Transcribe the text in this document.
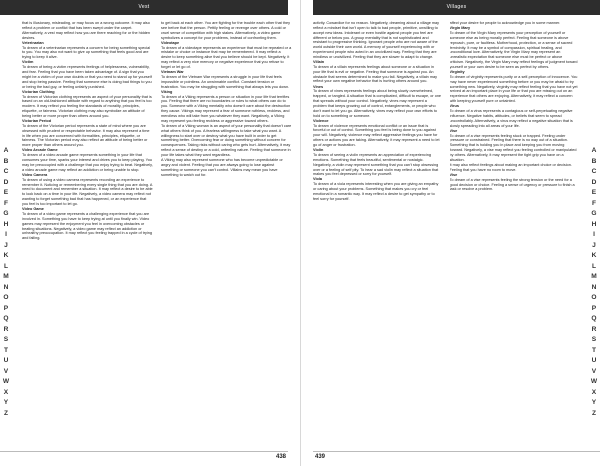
Vest
A
B
C
D
E
F
G
H
I
J
K
L
M
N
O
P
Q
R
S
T
U
V
W
X
Y
Z

that is illusionary, misleading, or may focus on a wrong outcome. It may also reflect a problem or conflict that has been swept under the carpet. Alternatively, a vest may reflect how you are there reaching for or the hidden desires.

Veterinarian
To dream of a veterinarian represents a concern for being something special to you. You may also not want to give up something that feels good and are trying to keep it alive.

Victim
To dream of being a victim represents feelings of helplessness, vulnerability, and fear. Feeling that you have been taken advantage of. A sign that you might be a victim of your own doubts or that you need to stand up for yourself and stop being passive. Feeling that someone else is doing bad things to you or being the bad guy, or feeling unfairly punished.

Victorian Clothing
To dream of Victorian clothing represents an aspect of your personality that is based on an old-fashioned attitude with regard to anything that you feel is too modern. It may reflect you feeling the standards of morality, principles, etiquette, or fairness. Victorian clothing may also symbolize an attitude of being better or more proper than others around you.

Victorian Period
To dream of the Victorian period represents a state of mind where you are obsessed with prudent or respectable behavior. It may also represent a time in life when you are concerned with formalities, principles, etiquette, or fairness. The Victorian period may also reflect an attitude of being better or more proper than others around you.

Video Arcade Game
To dream of a video arcade game represents something in your life that consumes your time, sparks your interest and drives you to keep playing. You may be preoccupied with a challenge that you enjoy trying to beat. Negatively, a video arcade game may reflect an addiction or being unable to stop.

Video Camera
To dream of using a video camera represents recording an experience to remember it. Noticing or remembering every single thing that you are doing. A need to document and remember a situation. It may reflect a desire to be able to look back on a time in your life. Negatively, a video camera may reflect not wanting to forget something bad that has happened, or an experience that you feel is too important to let go.

Video Game
To dream of a video game represents a challenging experience that you are involved in. Something you have to keep trying at until you finally win. Video games may represent the enjoyment you feel in overcoming obstacles or beating situations. Negatively, a video game may reflect an addiction or unhealthy preoccupation. It may reflect you feeling trapped in a cycle of trying and failing.

to get back at each other. You are fighting for the trouble each other that they see before that the person. Pettily feeling or revenge over others. A cold or cruel sense of competition with high stakes. Alternatively, a video game symbolizes a concept for your problems, instead of confronting them.

Videotape
To dream of a videotape represents an experience that must be repeated or a mistake or choice or instance that may be remembered. It may reflect a desire to keep something alive that you believe should be kept. Negatively, it may reflect a very nice memory or negative experience that you refuse to forget or let go of.

Vietnam War
To dream of the Vietnam War represents a struggle in your life that feels impossible or pointless. An unwinnable conflict. Constant tension or frustration. You may be struggling with something that always lets you down.

Viking
To dream of a Viking represents a person or situation in your life that terrifies you. Feeling that there are no boundaries or rules to what others can do to you. Someone with a Viking mentality who doesn't care about the destruction they cause. Vikings may represent a fear of someone ruthless, reckless, and merciless who will take from you whatever they want. Negatively, a Viking may represent you feeling reckless or aggressive toward others.

To dream of a Viking woman is an aspect of your personality that doesn't care what others think of you. A fearless willingness to take what you want. A willingness to start over or destroy what you have built in order to get something better. Overcoming fear or doing something without concern for consequences. Taking risks without caring who gets hurt. Alternatively, it may reflect a sense of destiny or a cold, unfeeling nature. Feeling that someone in your life takes what they want regardless.

A Viking may also represent someone who has become unpredictable or angry and violent. Feeling that you are always going to lose against something or someone you can't control. Villains may mean you have something to watch out for.

438
Villages
A
B
C
D
E
F
G
H
I
J
K
L
M
N
O
P
Q
R
S
T
U
V
W
X
Y
Z

activity. Cowardice for no reason. Negatively, dreaming about a village may reflect a mindset that isn't open to talk to bad people, primitive, unwilling to accept new ideas. Intolerant or even hostile against people you feel are different or below you. A group mentality that is not sophisticated and resistant to progressive thinking. Ignorant people who are not aware of the world outside their own world. A memory of yourself experiencing with or experienced people who acted in an uncivilized way. Feeling that they are mindless or uncivilized. Feeling that they are slower to adapt to change.

Villain
To dream of a villain represents feelings about someone or a situation in your life that is evil or negative. Feeling that someone is against you. An obstacle that seems determined to make you fail. Negatively, a villain may reflect your own negative behavior that is hurting others around you.

Vines
To dream of vines represents feelings about being slowly overwhelmed, trapped, or tangled. A situation that is complicated, difficult to escape, or one that spreads without your control. Negatively, vines may represent a problem that keeps growing out of control, entanglements, or people who don't want to let you go. Alternatively, vines may reflect your own efforts to hold on to something or someone.

Violence
To dream of violence represents emotional conflict or an issue that is forceful or out of control. Something you feel is being done to you against your will. Negatively, violence may reflect aggressive feelings you have for others or actions you are taking. Alternatively, it may represent a need to let go of anger or frustration.

Violin
To dream of seeing a violin represents an appreciation of experiencing emotions. Something that feels beautiful, sentimental or nostalgic. Negatively, a violin may represent something that you can't stop obsessing over or a feeling of self pity. To hear a sad violin may reflect a situation that makes you feel depressed or sorry for yourself.

Viola
To dream of a viola represents interesting when you are giving an empathy or caring about your problems. Something that makes you cry or feel emotional in a romantic way. It may reflect a desire to get sympathy or to feel sorry for yourself.

affect your desire for people to acknowledge you in some manner.

Virgin Mary
To dream of the Virgin Mary represents your perception of yourself or someone else as being morally perfect. Feeling that someone is above reproach, pure, or faultless. Motherhood, protection, or a sense of sacred femininity. It may be a symbol of compassion, spiritual healing, and unconditional love. Alternatively, the Virgin Mary may represent an unrealistic expectation that someone else must be perfect or above criticism. Negatively, the Virgin Mary may reflect feelings of judgment toward yourself or your own desire to be seen as perfect by others.

Virginity
To dream of virginity represents purity or a self-perception of innocence. You may have never experienced something before or you may be afraid to try something new. Negatively, virginity may reflect feeling that you have not yet arrived at an important place in your life or that you are missing out on an experience that others are enjoying. Alternatively, it may reflect a concern with keeping yourself pure or untainted.

Virus
To dream of a virus represents a contagious or self-perpetuating negative influence. Negative habits, attitudes, or beliefs that seem to spread uncontrollably. Alternatively, a virus may reflect a negative situation that is slowly spreading into all areas of your life.

Vise
To dream of a vise represents feeling stuck or trapped. Feeling under pressure or constrained. Feeling that there is no way out of a situation. Something that is holding you in place and keeping you from moving forward. Negatively, a vise may reflect you feeling controlled or manipulated by others. Alternatively, it may represent the tight grip you have on a situation.

It may also reflect feelings about making an important choice or decision. Feeling that you have no room to move.

Vise
To dream of a vise represents feeling the strong tension or the need for a good decision or choice. Feeling a sense of urgency or pressure to finish a task or resolve a problem.

439
